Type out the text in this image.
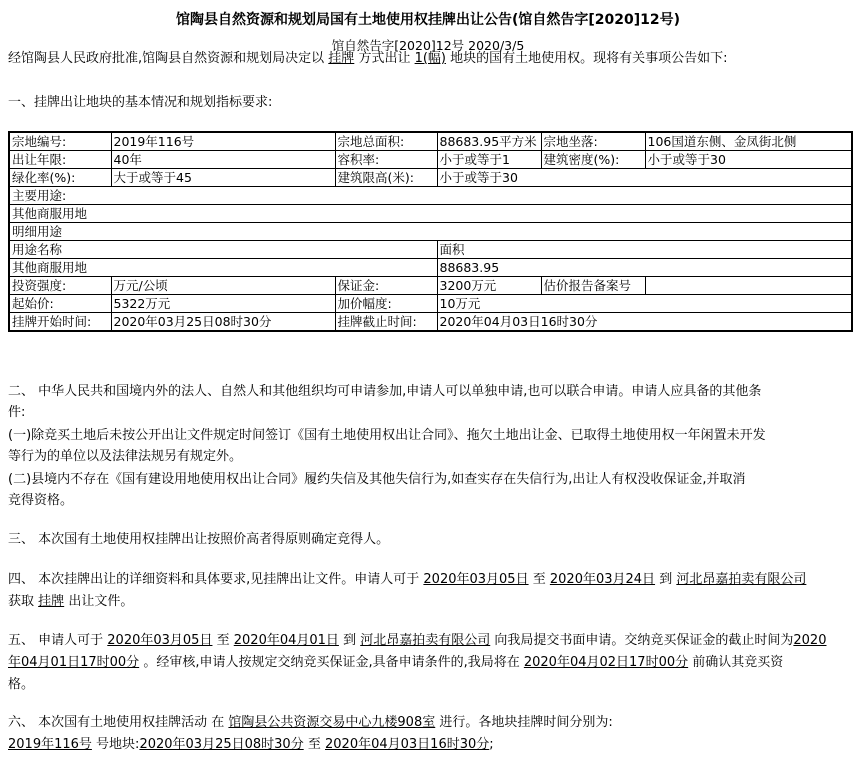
馆陶县自然资源和规划局国有土地使用权挂牌出让公告(馆自然告字[2020]12号)
馆自然告字[2020]12号 2020/3/5
经馆陶县人民政府批准,馆陶县自然资源和规划局决定以 挂牌 方式出让 1(幅) 地块的国有土地使用权。现将有关事项公告如下:
一、挂牌出让地块的基本情况和规划指标要求:
宗地编号:	2019年116号	宗地总面积:	88683.95平方米	宗地坐落:	106国道东侧、金凤街北侧
出让年限:	40年	容积率:	小于或等于1	建筑密度(%):	小于或等于30
绿化率(%):	大于或等于45	建筑限高(米):	小于或等于30		
主要用途:					
其他商服用地					
明细用途					
用途名称			面积		
其他商服用地			88683.95		
投资强度:	万元/公顷	保证金:	3200万元	估价报告备案号	
起始价:	5322万元	加价幅度:	10万元		
挂牌开始时间:	2020年03月25日08时30分	挂牌截止时间:	2020年04月03日16时30分		
二、 中华人民共和国境内外的法人、自然人和其他组织均可申请参加,申请人可以单独申请,也可以联合申请。申请人应具备的其他条
件:
(一)除竞买土地后未按公开出让文件规定时间签订《国有土地使用权出让合同》、拖欠土地出让金、已取得土地使用权一年闲置未开发
等行为的单位以及法律法规另有规定外。
(二)县境内不存在《国有建设用地使用权出让合同》履约失信及其他失信行为,如查实存在失信行为,出让人有权没收保证金,并取消
竞得资格。
三、 本次国有土地使用权挂牌出让按照价高者得原则确定竞得人。
四、 本次挂牌出让的详细资料和具体要求,见挂牌出让文件。申请人可于 2020年03月05日 至 2020年03月24日 到 河北昂嘉拍卖有限公司
获取 挂牌 出让文件。
五、 申请人可于 2020年03月05日 至 2020年04月01日 到 河北昂嘉拍卖有限公司 向我局提交书面申请。交纳竞买保证金的截止时间为2020
年04月01日17时00分 。经审核,申请人按规定交纳竞买保证金,具备申请条件的,我局将在 2020年04月02日17时00分 前确认其竞买资
格。
六、 本次国有土地使用权挂牌活动 在 馆陶县公共资源交易中心九楼908室 进行。各地块挂牌时间分别为:
2019年116号 号地块:2020年03月25日08时30分 至 2020年04月03日16时30分;
